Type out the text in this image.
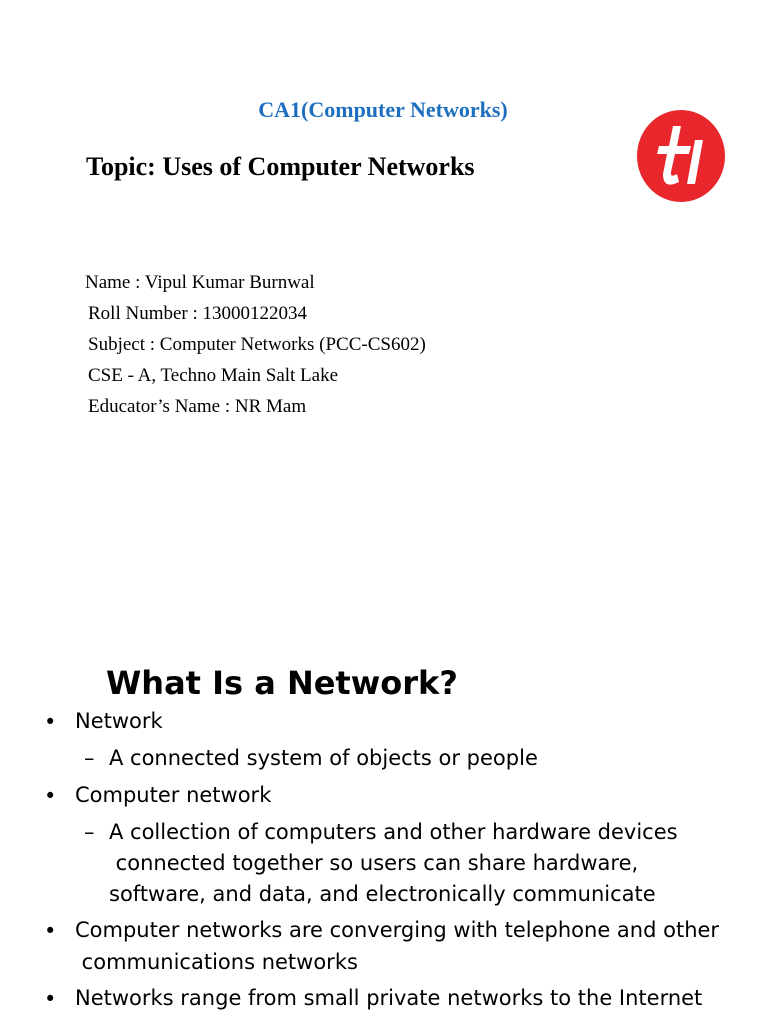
CA1(Computer Networks)
Topic: Uses of Computer Networks
Name : Vipul Kumar Burnwal
Roll Number : 13000122034
Subject : Computer Networks (PCC-CS602)
CSE - A, Techno Main Salt Lake
Educator’s Name : NR Mam
What Is a Network?
• Network
– A connected system of objects or people
• Computer network
– A collection of computers and other hardware devices
connected together so users can share hardware,
software, and data, and electronically communicate
• Computer networks are converging with telephone and other
communications networks
• Networks range from small private networks to the Internet
